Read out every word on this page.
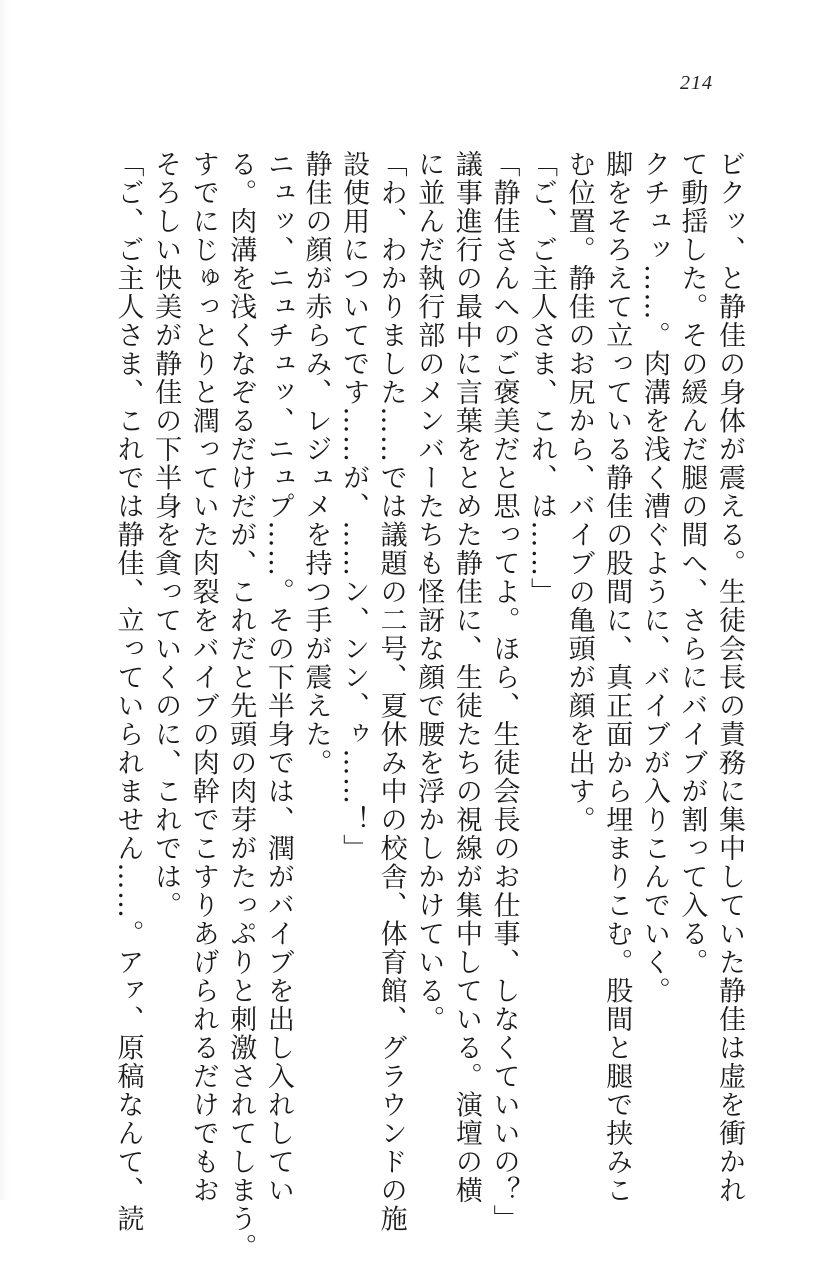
214
ビクッ、と静佳の身体が震える。生徒会長の責務に集中していた静佳は虚を衝かれ
て動揺した。その緩んだ腿の間へ、さらにバイブが割って入る。
クチュッ……。肉溝を浅く漕ぐように、バイブが入りこんでいく。
脚をそろえて立っている静佳の股間に、真正面から埋まりこむ。股間と腿で挟みこ
む位置。静佳のお尻から、バイブの亀頭が顔を出す。
「ご、ご主人さま、これ、は……」
「静佳さんへのご褒美だと思ってよ。ほら、生徒会長のお仕事、しなくていいの？」
議事進行の最中に言葉をとめた静佳に、生徒たちの視線が集中している。演壇の横
に並んだ執行部のメンバーたちも怪訝な顔で腰を浮かしかけている。
「わ、わかりました……では議題の二号、夏休み中の校舎、体育館、グラウンドの施
設使用についてです……が、……ン、ンン、ゥ……！」
静佳の顔が赤らみ、レジュメを持つ手が震えた。
ニュッ、ニュチュッ、ニュプ……。その下半身では、潤がバイブを出し入れしてい
る。肉溝を浅くなぞるだけだが、これだと先頭の肉芽がたっぷりと刺激されてしまう。
すでにじゅっとりと潤っていた肉裂をバイブの肉幹でこすりあげられるだけでもお
そろしい快美が静佳の下半身を貪っていくのに、これでは。
「ご、ご主人さま、これでは静佳、立っていられません……。アァ、原稿なんて、読
